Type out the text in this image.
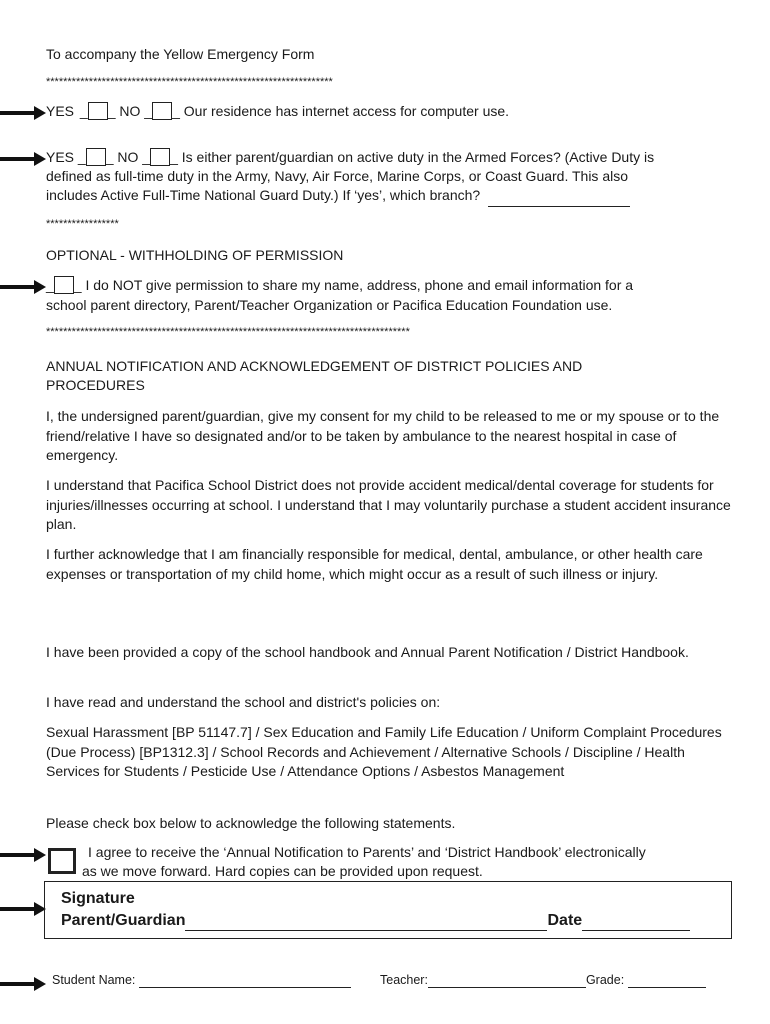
To accompany the Yellow Emergency Form
*******************************************************************
YES _ _ NO _ _ Our residence has internet access for computer use.
YES _ _ NO _ _ Is either parent/guardian on active duty in the Armed Forces? (Active Duty is
defined as full-time duty in the Army, Navy, Air Force, Marine Corps, or Coast Guard. This also
includes Active Full-Time National Guard Duty.) If ‘yes’, which branch?
*****************
OPTIONAL - WITHHOLDING OF PERMISSION
_ _ I do NOT give permission to share my name, address, phone and email information for a
school parent directory, Parent/Teacher Organization or Pacifica Education Foundation use.
*************************************************************************************
ANNUAL NOTIFICATION AND ACKNOWLEDGEMENT OF DISTRICT POLICIES AND
PROCEDURES
I, the undersigned parent/guardian, give my consent for my child to be released to me or my spouse or to the friend/relative I have so designated and/or to be taken by ambulance to the nearest hospital in case of emergency.
I understand that Pacifica School District does not provide accident medical/dental coverage for students for injuries/illnesses occurring at school. I understand that I may voluntarily purchase a student accident insurance plan.
I further acknowledge that I am financially responsible for medical, dental, ambulance, or other health care expenses or transportation of my child home, which might occur as a result of such illness or injury.
I have been provided a copy of the school handbook and Annual Parent Notification / District Handbook.
I have read and understand the school and district's policies on:
Sexual Harassment [BP 51147.7] / Sex Education and Family Life Education / Uniform Complaint Procedures (Due Process) [BP1312.3] / School Records and Achievement / Alternative Schools / Discipline / Health Services for Students / Pesticide Use / Attendance Options / Asbestos Management
Please check box below to acknowledge the following statements.
I agree to receive the ‘Annual Notification to Parents’ and ‘District Handbook’ electronically
as we move forward. Hard copies can be provided upon request.
Signature
Parent/Guardian	Date
Student Name:	Teacher:	Grade:
